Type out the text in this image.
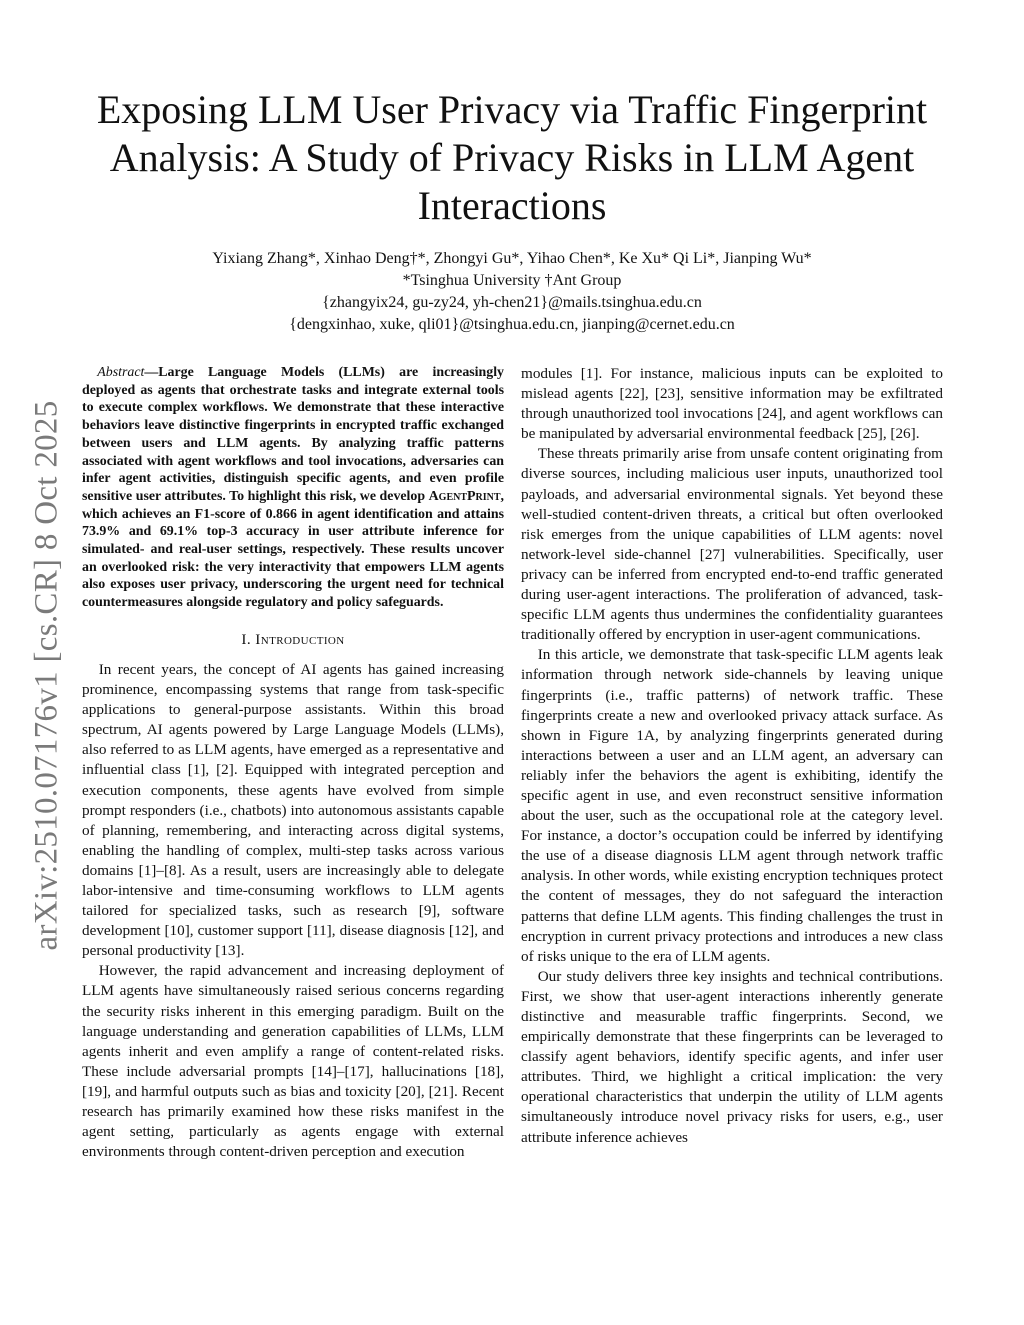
arXiv:2510.07176v1 [cs.CR] 8 Oct 2025
Exposing LLM User Privacy via Traffic Fingerprint Analysis: A Study of Privacy Risks in LLM Agent Interactions
Yixiang Zhang*, Xinhao Deng†*, Zhongyi Gu*, Yihao Chen*, Ke Xu* Qi Li*, Jianping Wu*
*Tsinghua University †Ant Group
{zhangyix24, gu-zy24, yh-chen21}@mails.tsinghua.edu.cn
{dengxinhao, xuke, qli01}@tsinghua.edu.cn, jianping@cernet.edu.cn

Abstract—Large Language Models (LLMs) are increasingly deployed as agents that orchestrate tasks and integrate external tools to execute complex workflows. We demonstrate that these interactive behaviors leave distinctive fingerprints in encrypted traffic exchanged between users and LLM agents. By analyzing traffic patterns associated with agent workflows and tool invocations, adversaries can infer agent activities, distinguish specific agents, and even profile sensitive user attributes. To highlight this risk, we develop AgentPrint, which achieves an F1-score of 0.866 in agent identification and attains 73.9% and 69.1% top-3 accuracy in user attribute inference for simulated- and real-user settings, respectively. These results uncover an overlooked risk: the very interactivity that empowers LLM agents also exposes user privacy, underscoring the urgent need for technical countermeasures alongside regulatory and policy safeguards.

I. Introduction

In recent years, the concept of AI agents has gained increasing prominence, encompassing systems that range from task-specific applications to general-purpose assistants. Within this broad spectrum, AI agents powered by Large Language Models (LLMs), also referred to as LLM agents, have emerged as a representative and influential class [1], [2]. Equipped with integrated perception and execution components, these agents have evolved from simple prompt responders (i.e., chatbots) into autonomous assistants capable of planning, remembering, and interacting across digital systems, enabling the handling of complex, multi-step tasks across various domains [1]–[8]. As a result, users are increasingly able to delegate labor-intensive and time-consuming workflows to LLM agents tailored for specialized tasks, such as research [9], software development [10], customer support [11], disease diagnosis [12], and personal productivity [13].

However, the rapid advancement and increasing deployment of LLM agents have simultaneously raised serious concerns regarding the security risks inherent in this emerging paradigm. Built on the language understanding and generation capabilities of LLMs, LLM agents inherit and even amplify a range of content-related risks. These include adversarial prompts [14]–[17], hallucinations [18], [19], and harmful outputs such as bias and toxicity [20], [21]. Recent research has primarily examined how these risks manifest in the agent setting, particularly as agents engage with external environments through content-driven perception and execution

modules [1]. For instance, malicious inputs can be exploited to mislead agents [22], [23], sensitive information may be exfiltrated through unauthorized tool invocations [24], and agent workflows can be manipulated by adversarial environmental feedback [25], [26].

These threats primarily arise from unsafe content originating from diverse sources, including malicious user inputs, unauthorized tool payloads, and adversarial environmental signals. Yet beyond these well-studied content-driven threats, a critical but often overlooked risk emerges from the unique capabilities of LLM agents: novel network-level side-channel [27] vulnerabilities. Specifically, user privacy can be inferred from encrypted end-to-end traffic generated during user-agent interactions. The proliferation of advanced, task-specific LLM agents thus undermines the confidentiality guarantees traditionally offered by encryption in user-agent communications.

In this article, we demonstrate that task-specific LLM agents leak information through network side-channels by leaving unique fingerprints (i.e., traffic patterns) of network traffic. These fingerprints create a new and overlooked privacy attack surface. As shown in Figure 1A, by analyzing fingerprints generated during interactions between a user and an LLM agent, an adversary can reliably infer the behaviors the agent is exhibiting, identify the specific agent in use, and even reconstruct sensitive information about the user, such as the occupational role at the category level. For instance, a doctor’s occupation could be inferred by identifying the use of a disease diagnosis LLM agent through network traffic analysis. In other words, while existing encryption techniques protect the content of messages, they do not safeguard the interaction patterns that define LLM agents. This finding challenges the trust in encryption in current privacy protections and introduces a new class of risks unique to the era of LLM agents.

Our study delivers three key insights and technical contributions. First, we show that user-agent interactions inherently generate distinctive and measurable traffic fingerprints. Second, we empirically demonstrate that these fingerprints can be leveraged to classify agent behaviors, identify specific agents, and infer user attributes. Third, we highlight a critical implication: the very operational characteristics that underpin the utility of LLM agents simultaneously introduce novel privacy risks for users, e.g., user attribute inference achieves
